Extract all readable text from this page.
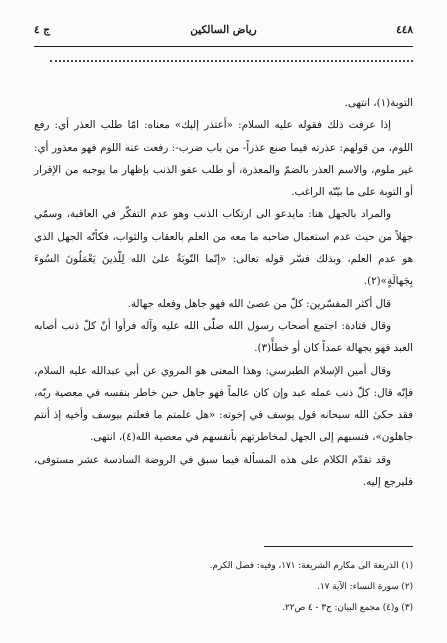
٤٤٨
رياض السالكين
ج ٤

التوبة(١)، انتهى.

إذا عرفت ذلك فقوله عليه السلام: «أعتذر إليك» معناه: امّا طلب العذر أي: رفع اللوم، من قولهم: عذرته فيما صنع عذراً- من باب ضرب-: رفعت عنه اللوم فهو معذور أي: غير ملوم، والاسم العذر بالضمّ والمعذرة، أو طلب عفو الذنب بإظهار ما يوجبه من الإقرار أو التوبة على ما بيّنّه الراغب.

والمراد بالجهل هنا: مايدعو الى ارتكاب الذنب وهو عدم التفكّر في العاقبة، وسمّي جهلاً من حيث عدم استعمال صاحبه ما معه من العلم بالعقاب والثواب، فكأنّه الجهل الذي هو عدم العلم، وبذلك فسّر قوله تعالى: «إنّما التّوبَةُ علىٰ الله لِلّذينَ يَعْمَلُونَ السُوءَ بِجَهالَةٍ»(٢).

قال أكثر المفسّرين: كلّ من عصىٰ الله فهو جاهل وفعله جهالة.

وقال قتادة: اجتمع أصحاب رسول الله صلّى الله عليه وآله فرأوا أنّ كلّ ذنب أصابه العبد فهو بجهالة عمداً كان أو خطأً(٣).

وقال أمين الإسلام الطبرسي: وهذا المعنى هو المروي عن أبي عبدالله عليه السلام، فإنّه قال: كلّ ذنب عمله عبد وإن كان عالماً فهو جاهل حين خاطر بنفسه في معصية ربّه، فقد حكىٰ الله سبحانه قول يوسف في إخوته: «هل علمتم ما فعلتم بيوسف وأخيه إذ أنتم جاهلون»، فنسبهم إلى الجهل لمخاطرتهم بأنفسهم في معصية الله(٤)، انتهى.

وقد تقدّم الكلام على هذه المسألة فيما سبق في الروضة السادسة عشر مستوفى، فليرجع إليه.

(١) الذريعة الى مكارم الشريعة: ١٧١، وفيه: فصل الكرم.
(٢) سورة النساء: الآية ١٧.
(٣) و(٤) مجمع البيان: ج٣ - ٤ ص٢٢.
